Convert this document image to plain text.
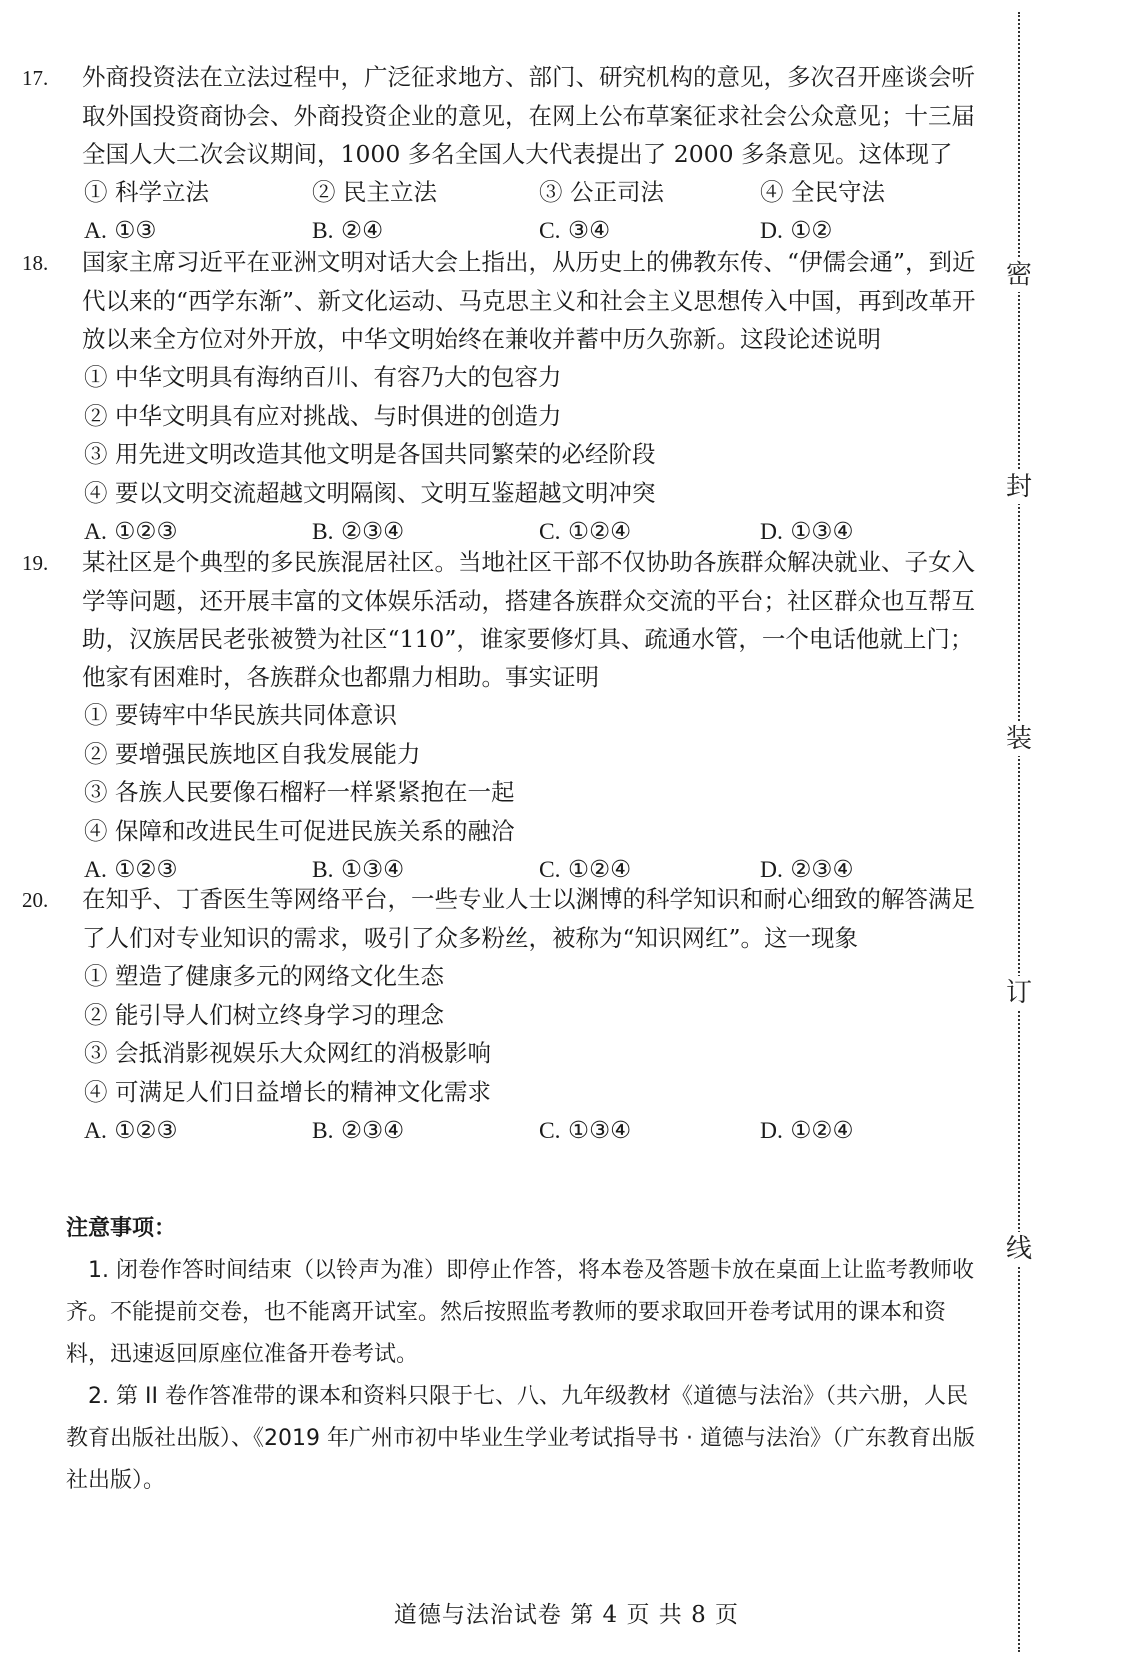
密
封
装
订
线

17. 外商投资法在立法过程中，广泛征求地方、部门、研究机构的意见，多次召开座谈会听取外国投资商协会、外商投资企业的意见，在网上公布草案征求社会公众意见；十三届全国人大二次会议期间，1000 多名全国人大代表提出了 2000 多条意见。这体现了

① 科学立法	② 民主立法	③ 公正司法	④ 全民守法
A. ①③	B. ②④	C. ③④	D. ①②

18. 国家主席习近平在亚洲文明对话大会上指出，从历史上的佛教东传、“伊儒会通”，到近代以来的“西学东渐”、新文化运动、马克思主义和社会主义思想传入中国，再到改革开放以来全方位对外开放，中华文明始终在兼收并蓄中历久弥新。这段论述说明

① 中华文明具有海纳百川、有容乃大的包容力

② 中华文明具有应对挑战、与时俱进的创造力

③ 用先进文明改造其他文明是各国共同繁荣的必经阶段

④ 要以文明交流超越文明隔阂、文明互鉴超越文明冲突

A. ①②③	B. ②③④	C. ①②④	D. ①③④

19. 某社区是个典型的多民族混居社区。当地社区干部不仅协助各族群众解决就业、子女入学等问题，还开展丰富的文体娱乐活动，搭建各族群众交流的平台；社区群众也互帮互助，汉族居民老张被赞为社区“110”，谁家要修灯具、疏通水管，一个电话他就上门；他家有困难时，各族群众也都鼎力相助。事实证明

① 要铸牢中华民族共同体意识

② 要增强民族地区自我发展能力

③ 各族人民要像石榴籽一样紧紧抱在一起

④ 保障和改进民生可促进民族关系的融洽

A. ①②③	B. ①③④	C. ①②④	D. ②③④

20. 在知乎、丁香医生等网络平台，一些专业人士以渊博的科学知识和耐心细致的解答满足了人们对专业知识的需求，吸引了众多粉丝，被称为“知识网红”。这一现象

① 塑造了健康多元的网络文化生态

② 能引导人们树立终身学习的理念

③ 会抵消影视娱乐大众网红的消极影响

④ 可满足人们日益增长的精神文化需求

A. ①②③	B. ②③④	C. ①③④	D. ①②④

注意事项：

1. 闭卷作答时间结束（以铃声为准）即停止作答，将本卷及答题卡放在桌面上让监考教师收齐。不能提前交卷，也不能离开试室。然后按照监考教师的要求取回开卷考试用的课本和资料，迅速返回原座位准备开卷考试。

2. 第 II 卷作答准带的课本和资料只限于七、八、九年级教材《道德与法治》（共六册，人民教育出版社出版）、《2019 年广州市初中毕业生学业考试指导书 · 道德与法治》（广东教育出版社出版）。

道德与法治试卷 第 4 页 共 8 页
